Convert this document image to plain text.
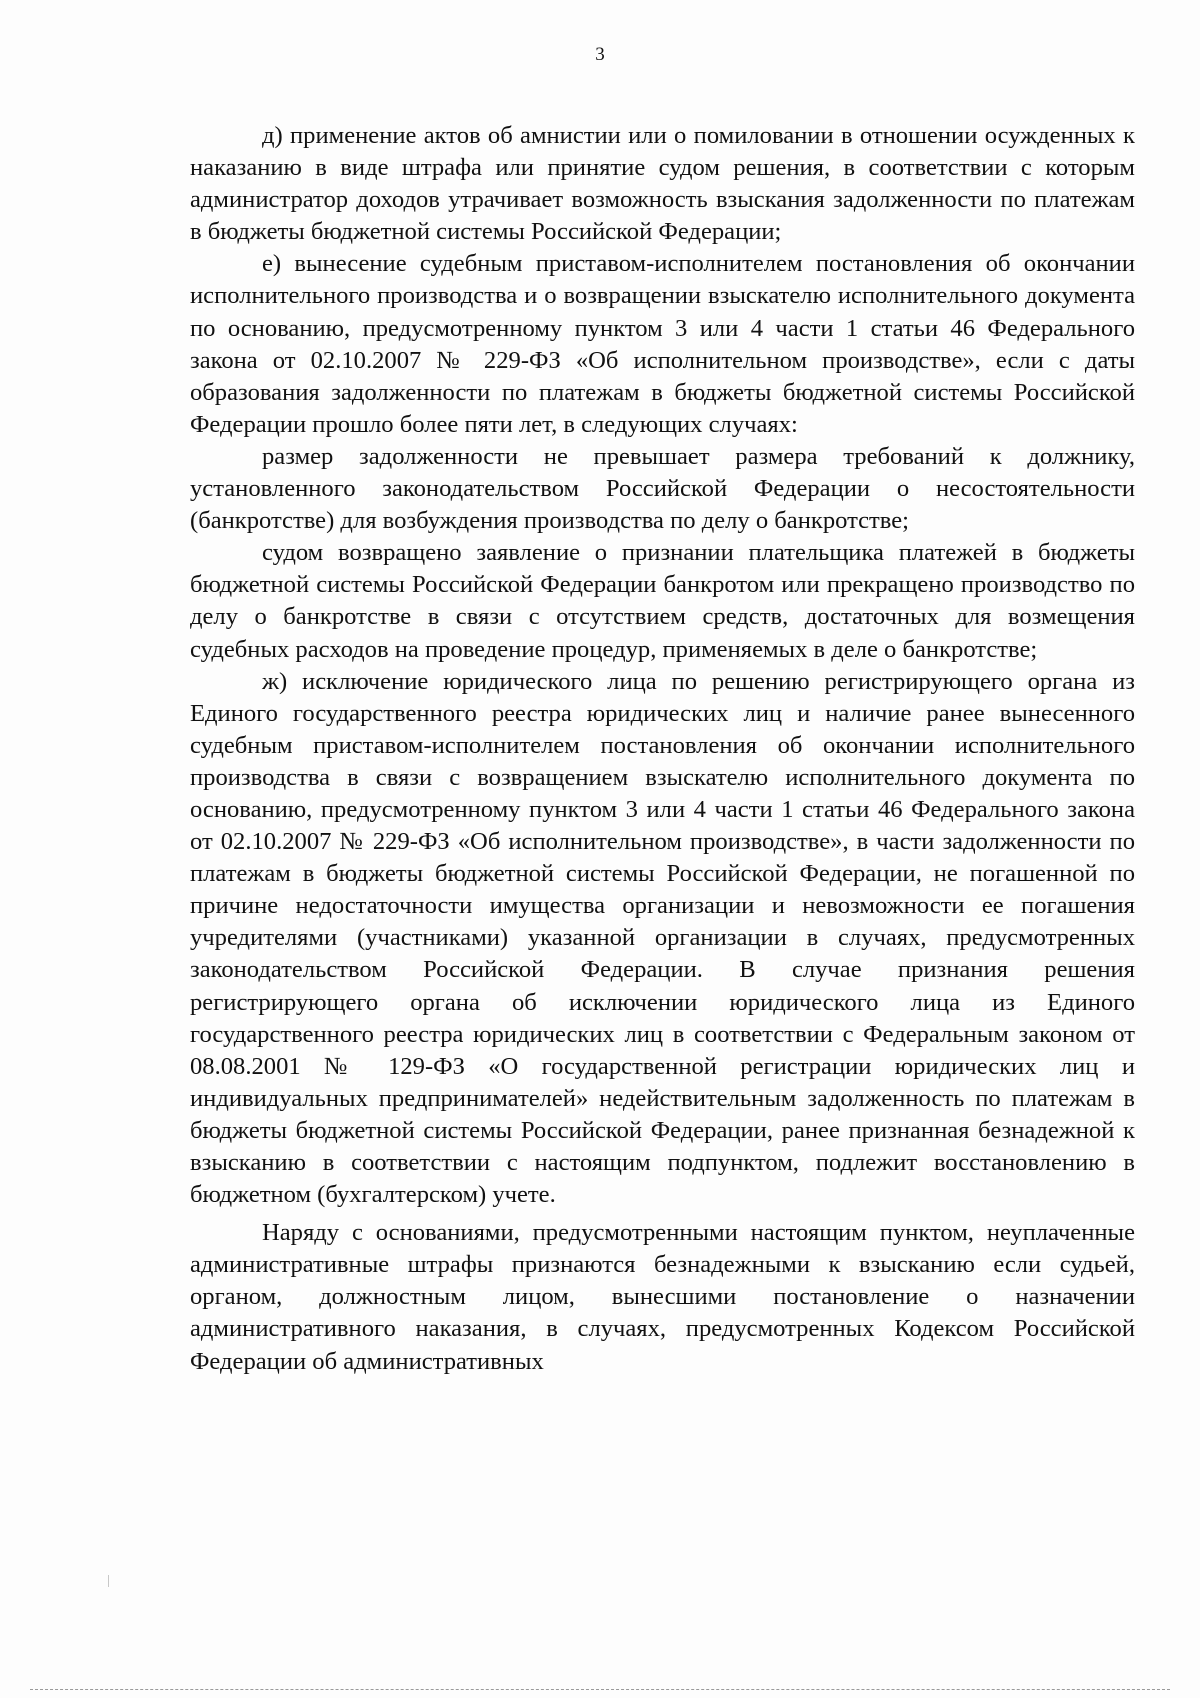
3

д) применение актов об амнистии или о помиловании в отношении осужденных к наказанию в виде штрафа или принятие судом решения, в соответствии с которым администратор доходов утрачивает возможность взыскания задолженности по платежам в бюджеты бюджетной системы Российской Федерации;

е) вынесение судебным приставом-исполнителем постановления об окончании исполнительного производства и о возвращении взыскателю исполнительного документа по основанию, предусмотренному пунктом 3 или 4 части 1 статьи 46 Федерального закона от 02.10.2007 № 229-ФЗ «Об исполнительном производстве», если с даты образования задолженности по платежам в бюджеты бюджетной системы Российской Федерации прошло более пяти лет, в следующих случаях:

размер задолженности не превышает размера требований к должнику, установленного законодательством Российской Федерации о несостоятельности (банкротстве) для возбуждения производства по делу о банкротстве;

судом возвращено заявление о признании плательщика платежей в бюджеты бюджетной системы Российской Федерации банкротом или прекращено производство по делу о банкротстве в связи с отсутствием средств, достаточных для возмещения судебных расходов на проведение процедур, применяемых в деле о банкротстве;

ж) исключение юридического лица по решению регистрирующего органа из Единого государственного реестра юридических лиц и наличие ранее вынесенного судебным приставом-исполнителем постановления об окончании исполнительного производства в связи с возвращением взыскателю исполнительного документа по основанию, предусмотренному пунктом 3 или 4 части 1 статьи 46 Федерального закона от 02.10.2007 № 229-ФЗ «Об исполнительном производстве», в части задолженности по платежам в бюджеты бюджетной системы Российской Федерации, не погашенной по причине недостаточности имущества организации и невозможности ее погашения учредителями (участниками) указанной организации в случаях, предусмотренных законодательством Российской Федерации. В случае признания решения регистрирующего органа об исключении юридического лица из Единого государственного реестра юридических лиц в соответствии с Федеральным законом от 08.08.2001 № 129-ФЗ «О государственной регистрации юридических лиц и индивидуальных предпринимателей» недействительным задолженность по платежам в бюджеты бюджетной системы Российской Федерации, ранее признанная безнадежной к взысканию в соответствии с настоящим подпунктом, подлежит восстановлению в бюджетном (бухгалтерском) учете.

Наряду с основаниями, предусмотренными настоящим пунктом, неуплаченные административные штрафы признаются безнадежными к взысканию если судьей, органом, должностным лицом, вынесшими постановление о назначении административного наказания, в случаях, предусмотренных Кодексом Российской Федерации об административных
